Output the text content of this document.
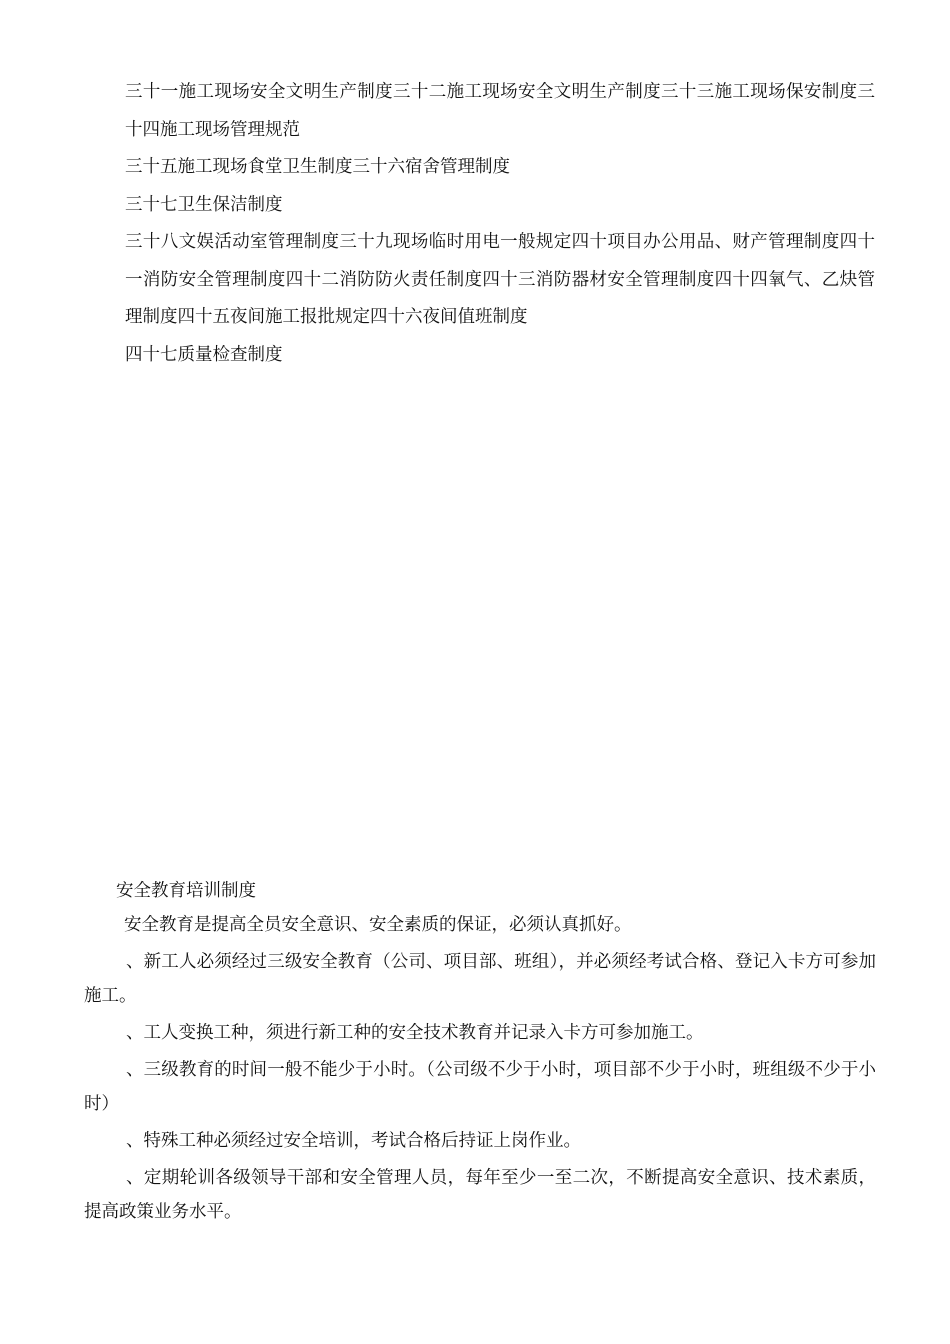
三十一施工现场安全文明生产制度三十二施工现场安全文明生产制度三十三施工现场保安制度三十四施工现场管理规范

三十五施工现场食堂卫生制度三十六宿舍管理制度

三十七卫生保洁制度

三十八文娱活动室管理制度三十九现场临时用电一般规定四十项目办公用品、财产管理制度四十一消防安全管理制度四十二消防防火责任制度四十三消防器材安全管理制度四十四氧气、乙炔管理制度四十五夜间施工报批规定四十六夜间值班制度

四十七质量检查制度

安全教育培训制度

安全教育是提高全员安全意识、安全素质的保证，必须认真抓好。

、新工人必须经过三级安全教育（公司、项目部、班组），并必须经考试合格、登记入卡方可参加施工。

、工人变换工种，须进行新工种的安全技术教育并记录入卡方可参加施工。

、三级教育的时间一般不能少于小时。（公司级不少于小时，项目部不少于小时，班组级不少于小时）

、特殊工种必须经过安全培训，考试合格后持证上岗作业。

、定期轮训各级领导干部和安全管理人员，每年至少一至二次，不断提高安全意识、技术素质，提高政策业务水平。
